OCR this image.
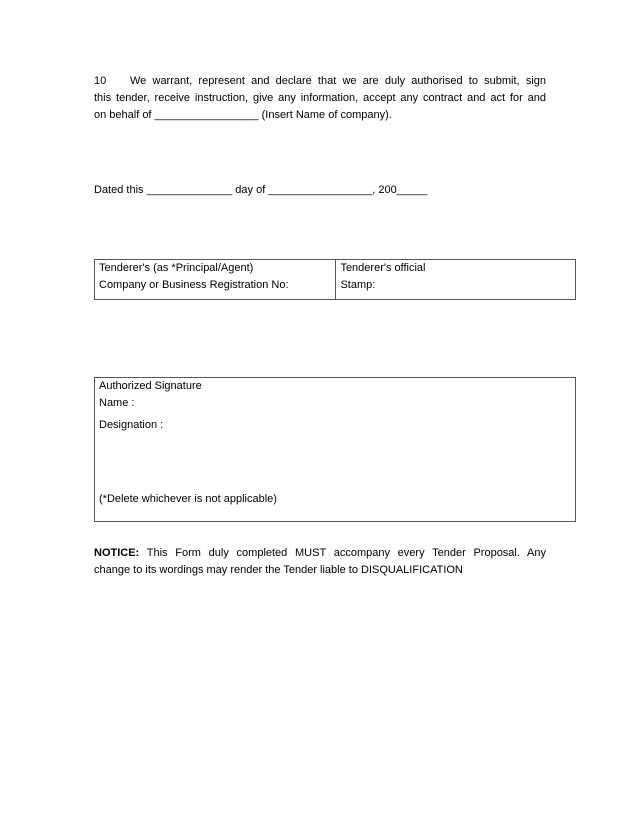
10 We warrant, represent and declare that we are duly authorised to submit, sign
this tender, receive instruction, give any information, accept any contract and act for and
on behalf of _________________ (Insert Name of company).

Dated this ______________ day of _________________, 200_____
Tenderer's (as *Principal/Agent)
Company or Business Registration No:

Tenderer's official
Stamp:
Authorized Signature
Name :
Designation :
(*Delete whichever is not applicable)

NOTICE: This Form duly completed MUST accompany every Tender Proposal. Any
change to its wordings may render the Tender liable to DISQUALIFICATION
